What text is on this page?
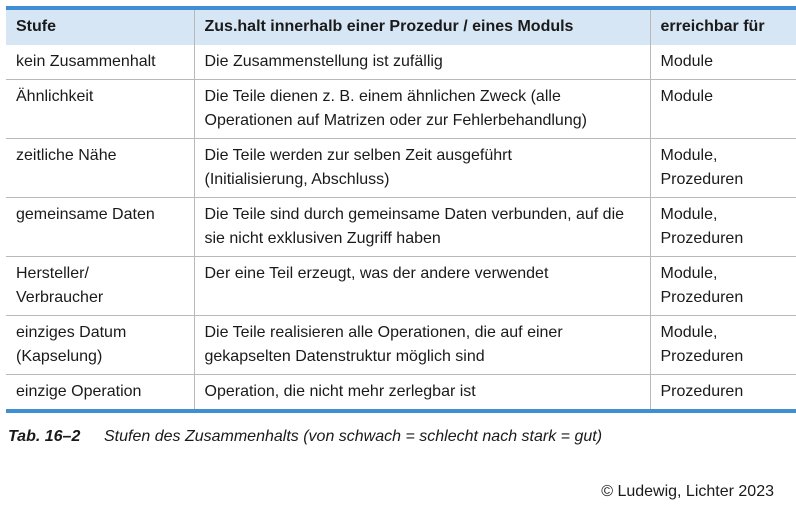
Stufe	Zus.halt innerhalb einer Prozedur / eines Moduls	erreichbar für

kein Zusammenhalt	Die Zusammenstellung ist zufällig	Module

Ähnlichkeit	Die Teile dienen z. B. einem ähnlichen Zweck (alle
Operationen auf Matrizen oder zur Fehlerbehandlung)	Module

zeitliche Nähe	Die Teile werden zur selben Zeit ausgeführt
(Initialisierung, Abschluss)	Module,
Prozeduren

gemeinsame Daten	Die Teile sind durch gemeinsame Daten verbunden, auf die
sie nicht exklusiven Zugriff haben	Module,
Prozeduren

Hersteller/
Verbraucher	Der eine Teil erzeugt, was der andere verwendet	Module,
Prozeduren

einziges Datum
(Kapselung)	Die Teile realisieren alle Operationen, die auf einer
gekapselten Datenstruktur möglich sind	Module,
Prozeduren

einzige Operation	Operation, die nicht mehr zerlegbar ist	Prozeduren
Tab. 16–2 Stufen des Zusammenhalts (von schwach = schlecht nach stark = gut)
© Ludewig, Lichter 2023
